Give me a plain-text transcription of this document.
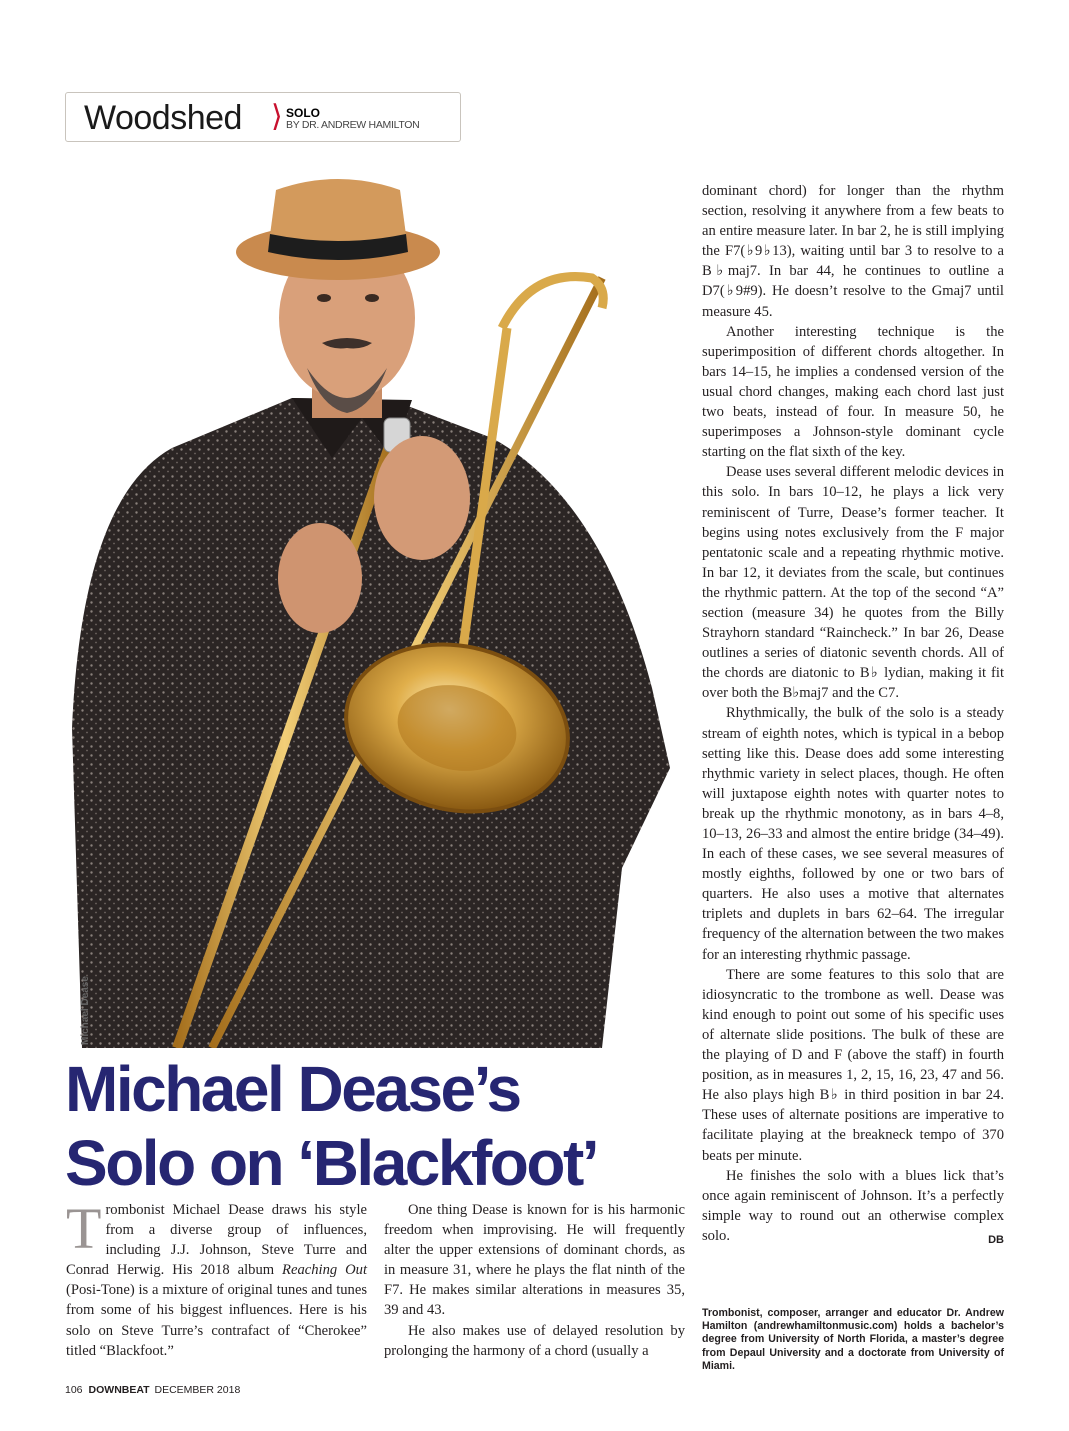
Woodshed ⟩ SOLO
BY DR. ANDREW HAMILTON
Michael Dease
Michael Dease’s
Solo on ‘Blackfoot’

Trombonist Michael Dease draws his style from a diverse group of influences, including J.J. Johnson, Steve Turre and Conrad Herwig. His 2018 album Reaching Out (Posi-Tone) is a mixture of original tunes and tunes from some of his biggest influences. Here is his solo on Steve Turre’s contrafact of “Cherokee” titled “Blackfoot.”

One thing Dease is known for is his harmonic freedom when improvising. He will frequently alter the upper extensions of dominant chords, as in measure 31, where he plays the flat ninth of the F7. He makes similar alterations in measures 35, 39 and 43.

He also makes use of delayed resolution by prolonging the harmony of a chord (usually a

dominant chord) for longer than the rhythm section, resolving it anywhere from a few beats to an entire measure later. In bar 2, he is still implying the F7(♭9♭13), waiting until bar 3 to resolve to a B♭maj7. In bar 44, he continues to outline a D7(♭9#9). He doesn’t resolve to the Gmaj7 until measure 45.

Another interesting technique is the superimposition of different chords altogether. In bars 14–15, he implies a condensed version of the usual chord changes, making each chord last just two beats, instead of four. In measure 50, he superimposes a Johnson-style dominant cycle starting on the flat sixth of the key.

Dease uses several different melodic devices in this solo. In bars 10–12, he plays a lick very reminiscent of Turre, Dease’s former teacher. It begins using notes exclusively from the F major pentatonic scale and a repeating rhythmic motive. In bar 12, it deviates from the scale, but continues the rhythmic pattern. At the top of the second “A” section (measure 34) he quotes from the Billy Strayhorn standard “Raincheck.” In bar 26, Dease outlines a series of diatonic seventh chords. All of the chords are diatonic to B♭ lydian, making it fit over both the B♭maj7 and the C7.

Rhythmically, the bulk of the solo is a steady stream of eighth notes, which is typical in a bebop setting like this. Dease does add some interesting rhythmic variety in select places, though. He often will juxtapose eighth notes with quarter notes to break up the rhythmic monotony, as in bars 4–8, 10–13, 26–33 and almost the entire bridge (34–49). In each of these cases, we see several measures of mostly eighths, followed by one or two bars of quarters. He also uses a motive that alternates triplets and duplets in bars 62–64. The irregular frequency of the alternation between the two makes for an interesting rhythmic passage.

There are some features to this solo that are idiosyncratic to the trombone as well. Dease was kind enough to point out some of his specific uses of alternate slide positions. The bulk of these are the playing of D and F (above the staff) in fourth position, as in measures 1, 2, 15, 16, 23, 47 and 56. He also plays high B♭ in third position in bar 24. These uses of alternate positions are imperative to facilitate playing at the breakneck tempo of 370 beats per minute.

He finishes the solo with a blues lick that’s once again reminiscent of Johnson. It’s a perfectly simple way to round out an otherwise complex solo.	DB

Trombonist, composer, arranger and educator Dr. Andrew Hamilton (andrewhamiltonmusic.com) holds a bachelor’s degree from University of North Florida, a master’s degree from Depaul University and a doctorate from University of Miami.
106 DOWNBEAT DECEMBER 2018
